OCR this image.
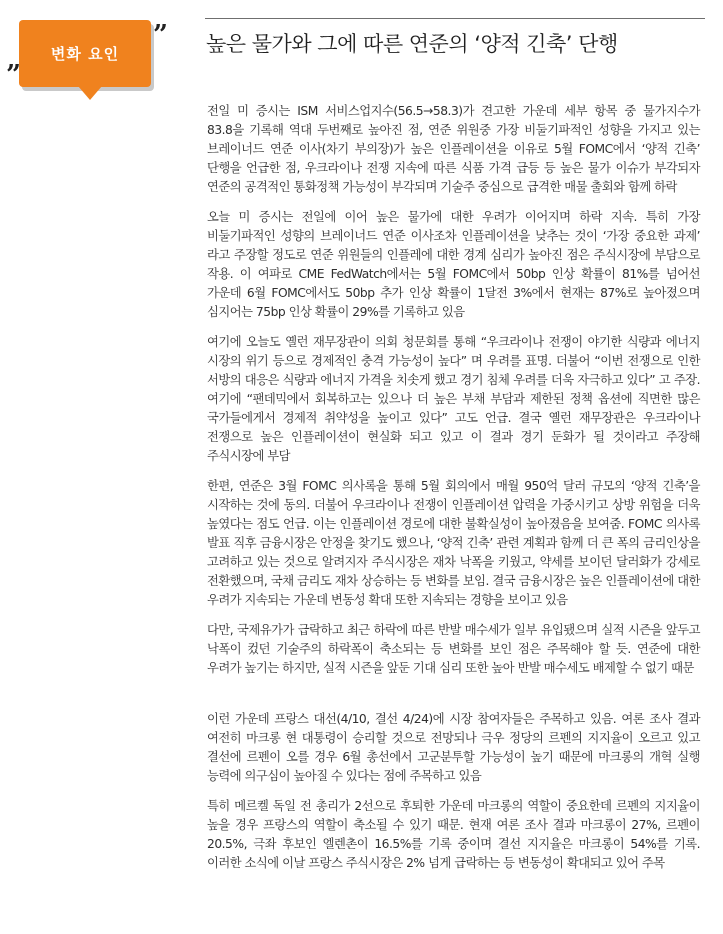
변화 요인
”
”
높은 물가와 그에 따른 연준의 ‘양적 긴축’ 단행

전일 미 증시는 ISM 서비스업지수(56.5→58.3)가 견고한 가운데 세부 항목 중 물가지수가 83.8을 기록해 역대 두번째로 높아진 점, 연준 위원중 가장 비둘기파적인 성향을 가지고 있는 브레이너드 연준 이사(차기 부의장)가 높은 인플레이션을 이유로 5월 FOMC에서 ‘양적 긴축’ 단행을 언급한 점, 우크라이나 전쟁 지속에 따른 식품 가격 급등 등 높은 물가 이슈가 부각되자 연준의 공격적인 통화정책 가능성이 부각되며 기술주 중심으로 급격한 매물 출회와 함께 하락

오늘 미 증시는 전일에 이어 높은 물가에 대한 우려가 이어지며 하락 지속. 특히 가장 비둘기파적인 성향의 브레이너드 연준 이사조차 인플레이션을 낮추는 것이 ‘가장 중요한 과제’ 라고 주장할 정도로 연준 위원들의 인플레에 대한 경계 심리가 높아진 점은 주식시장에 부담으로 작용. 이 여파로 CME FedWatch에서는 5월 FOMC에서 50bp 인상 확률이 81%를 넘어선 가운데 6월 FOMC에서도 50bp 추가 인상 확률이 1달전 3%에서 현재는 87%로 높아졌으며 심지어는 75bp 인상 확률이 29%를 기록하고 있음

여기에 오늘도 옐런 재무장관이 의회 청문회를 통해 “우크라이나 전쟁이 야기한 식량과 에너지 시장의 위기 등으로 경제적인 충격 가능성이 높다” 며 우려를 표명. 더불어 “이번 전쟁으로 인한 서방의 대응은 식량과 에너지 가격을 치솟게 했고 경기 침체 우려를 더욱 자극하고 있다” 고 주장. 여기에 “팬데믹에서 회복하고는 있으나 더 높은 부채 부담과 제한된 정책 옵션에 직면한 많은 국가들에게서 경제적 취약성을 높이고 있다” 고도 언급. 결국 옐런 재무장관은 우크라이나 전쟁으로 높은 인플레이션이 현실화 되고 있고 이 결과 경기 둔화가 될 것이라고 주장해 주식시장에 부담

한편, 연준은 3월 FOMC 의사록을 통해 5월 회의에서 매월 950억 달러 규모의 ‘양적 긴축’을 시작하는 것에 동의. 더불어 우크라이나 전쟁이 인플레이션 압력을 가중시키고 상방 위험을 더욱 높였다는 점도 언급. 이는 인플레이션 경로에 대한 불확실성이 높아졌음을 보여줌. FOMC 의사록 발표 직후 금융시장은 안정을 찾기도 했으나, ‘양적 긴축’ 관련 계획과 함께 더 큰 폭의 금리인상을 고려하고 있는 것으로 알려지자 주식시장은 재차 낙폭을 키웠고, 약세를 보이던 달러화가 강세로 전환했으며, 국채 금리도 재차 상승하는 등 변화를 보임. 결국 금융시장은 높은 인플레이션에 대한 우려가 지속되는 가운데 변동성 확대 또한 지속되는 경향을 보이고 있음

다만, 국제유가가 급락하고 최근 하락에 따른 반발 매수세가 일부 유입됐으며 실적 시즌을 앞두고 낙폭이 컸던 기술주의 하락폭이 축소되는 등 변화를 보인 점은 주목해야 할 듯. 연준에 대한 우려가 높기는 하지만, 실적 시즌을 앞둔 기대 심리 또한 높아 반발 매수세도 배제할 수 없기 때문

이런 가운데 프랑스 대선(4/10, 결선 4/24)에 시장 참여자들은 주목하고 있음. 여론 조사 결과 여전히 마크롱 현 대통령이 승리할 것으로 전망되나 극우 정당의 르펜의 지지율이 오르고 있고 결선에 르펜이 오를 경우 6월 총선에서 고군분투할 가능성이 높기 때문에 마크롱의 개혁 실행 능력에 의구심이 높아질 수 있다는 점에 주목하고 있음

특히 메르켈 독일 전 총리가 2선으로 후퇴한 가운데 마크롱의 역할이 중요한데 르펜의 지지율이 높을 경우 프랑스의 역할이 축소될 수 있기 때문. 현재 여론 조사 결과 마크롱이 27%, 르펜이 20.5%, 극좌 후보인 엘렌촌이 16.5%를 기록 중이며 결선 지지율은 마크롱이 54%를 기록. 이러한 소식에 이날 프랑스 주식시장은 2% 넘게 급락하는 등 변동성이 확대되고 있어 주목
